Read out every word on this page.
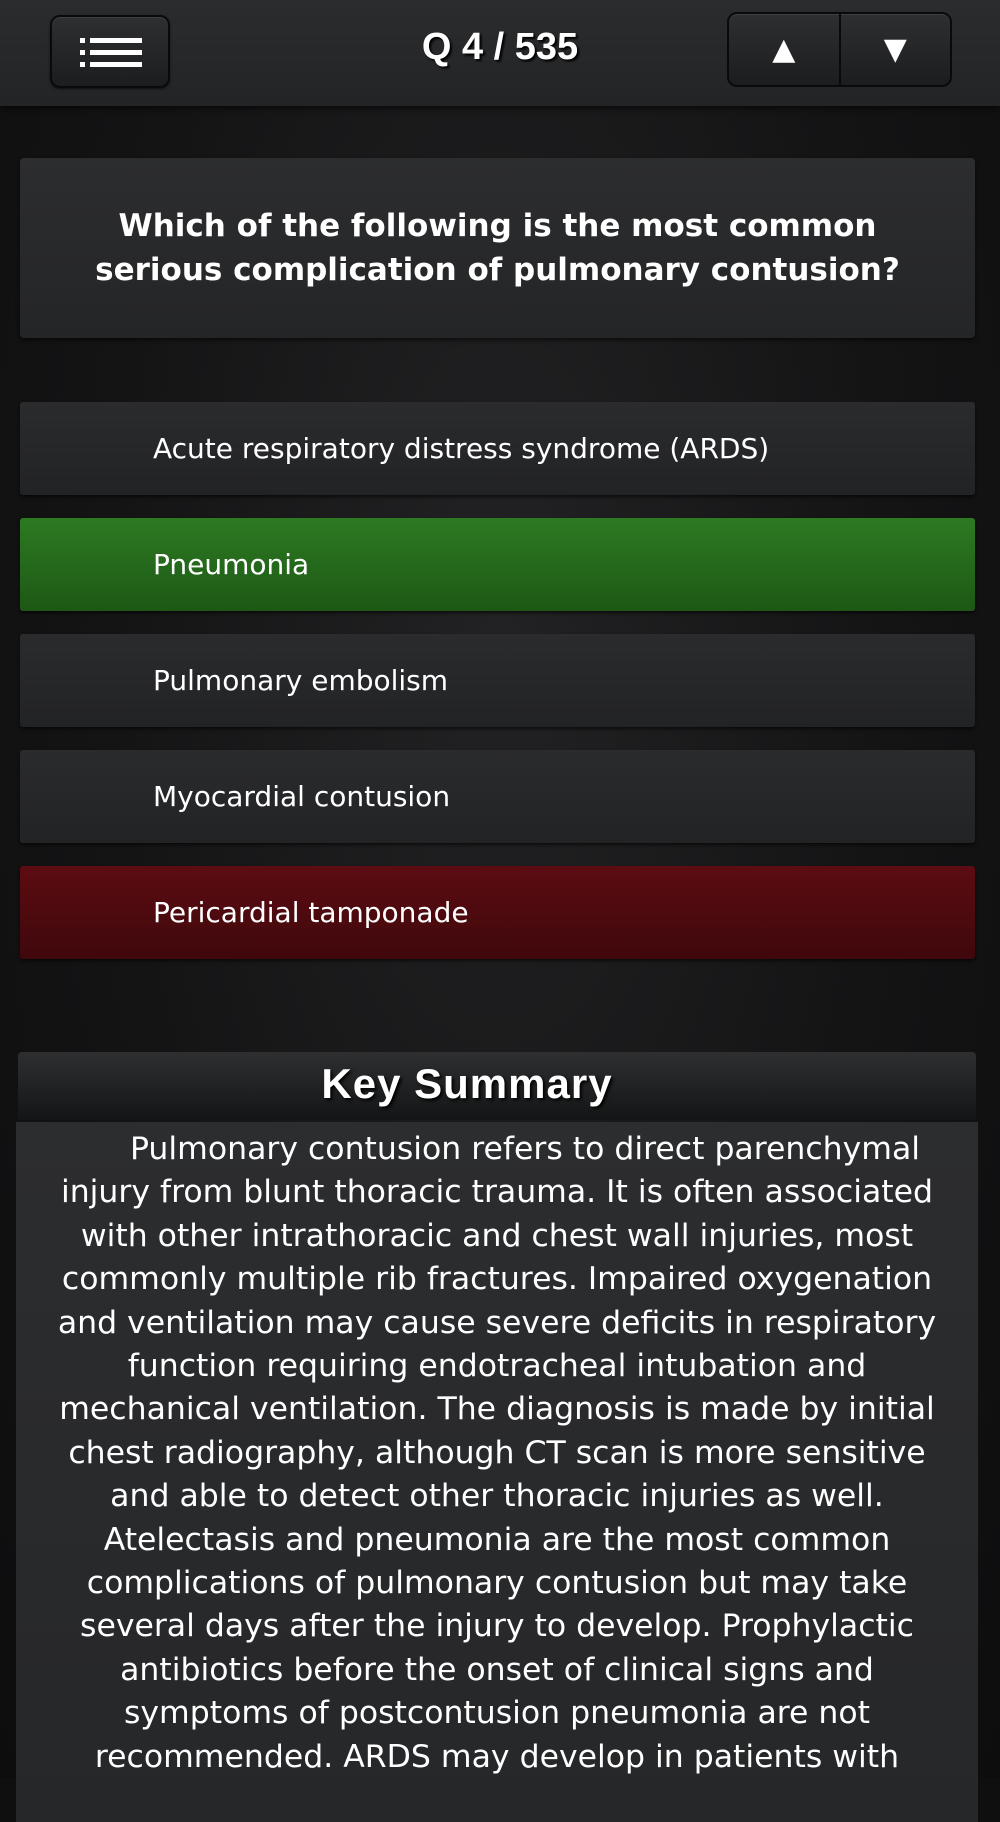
Q 4 / 535	▲	▼
Which of the following is the most common serious complication of pulmonary contusion?
Acute respiratory distress syndrome (ARDS)
Pneumonia
Pulmonary embolism
Myocardial contusion
Pericardial tamponade
Key Summary
Pulmonary contusion refers to direct parenchymal injury from blunt thoracic trauma. It is often associated with other intrathoracic and chest wall injuries, most commonly multiple rib fractures. Impaired oxygenation and ventilation may cause severe deficits in respiratory function requiring endotracheal intubation and mechanical ventilation. The diagnosis is made by initial chest radiography, although CT scan is more sensitive and able to detect other thoracic injuries as well. Atelectasis and pneumonia are the most common complications of pulmonary contusion but may take several days after the injury to develop. Prophylactic antibiotics before the onset of clinical signs and symptoms of postcontusion pneumonia are not recommended. ARDS may develop in patients with
